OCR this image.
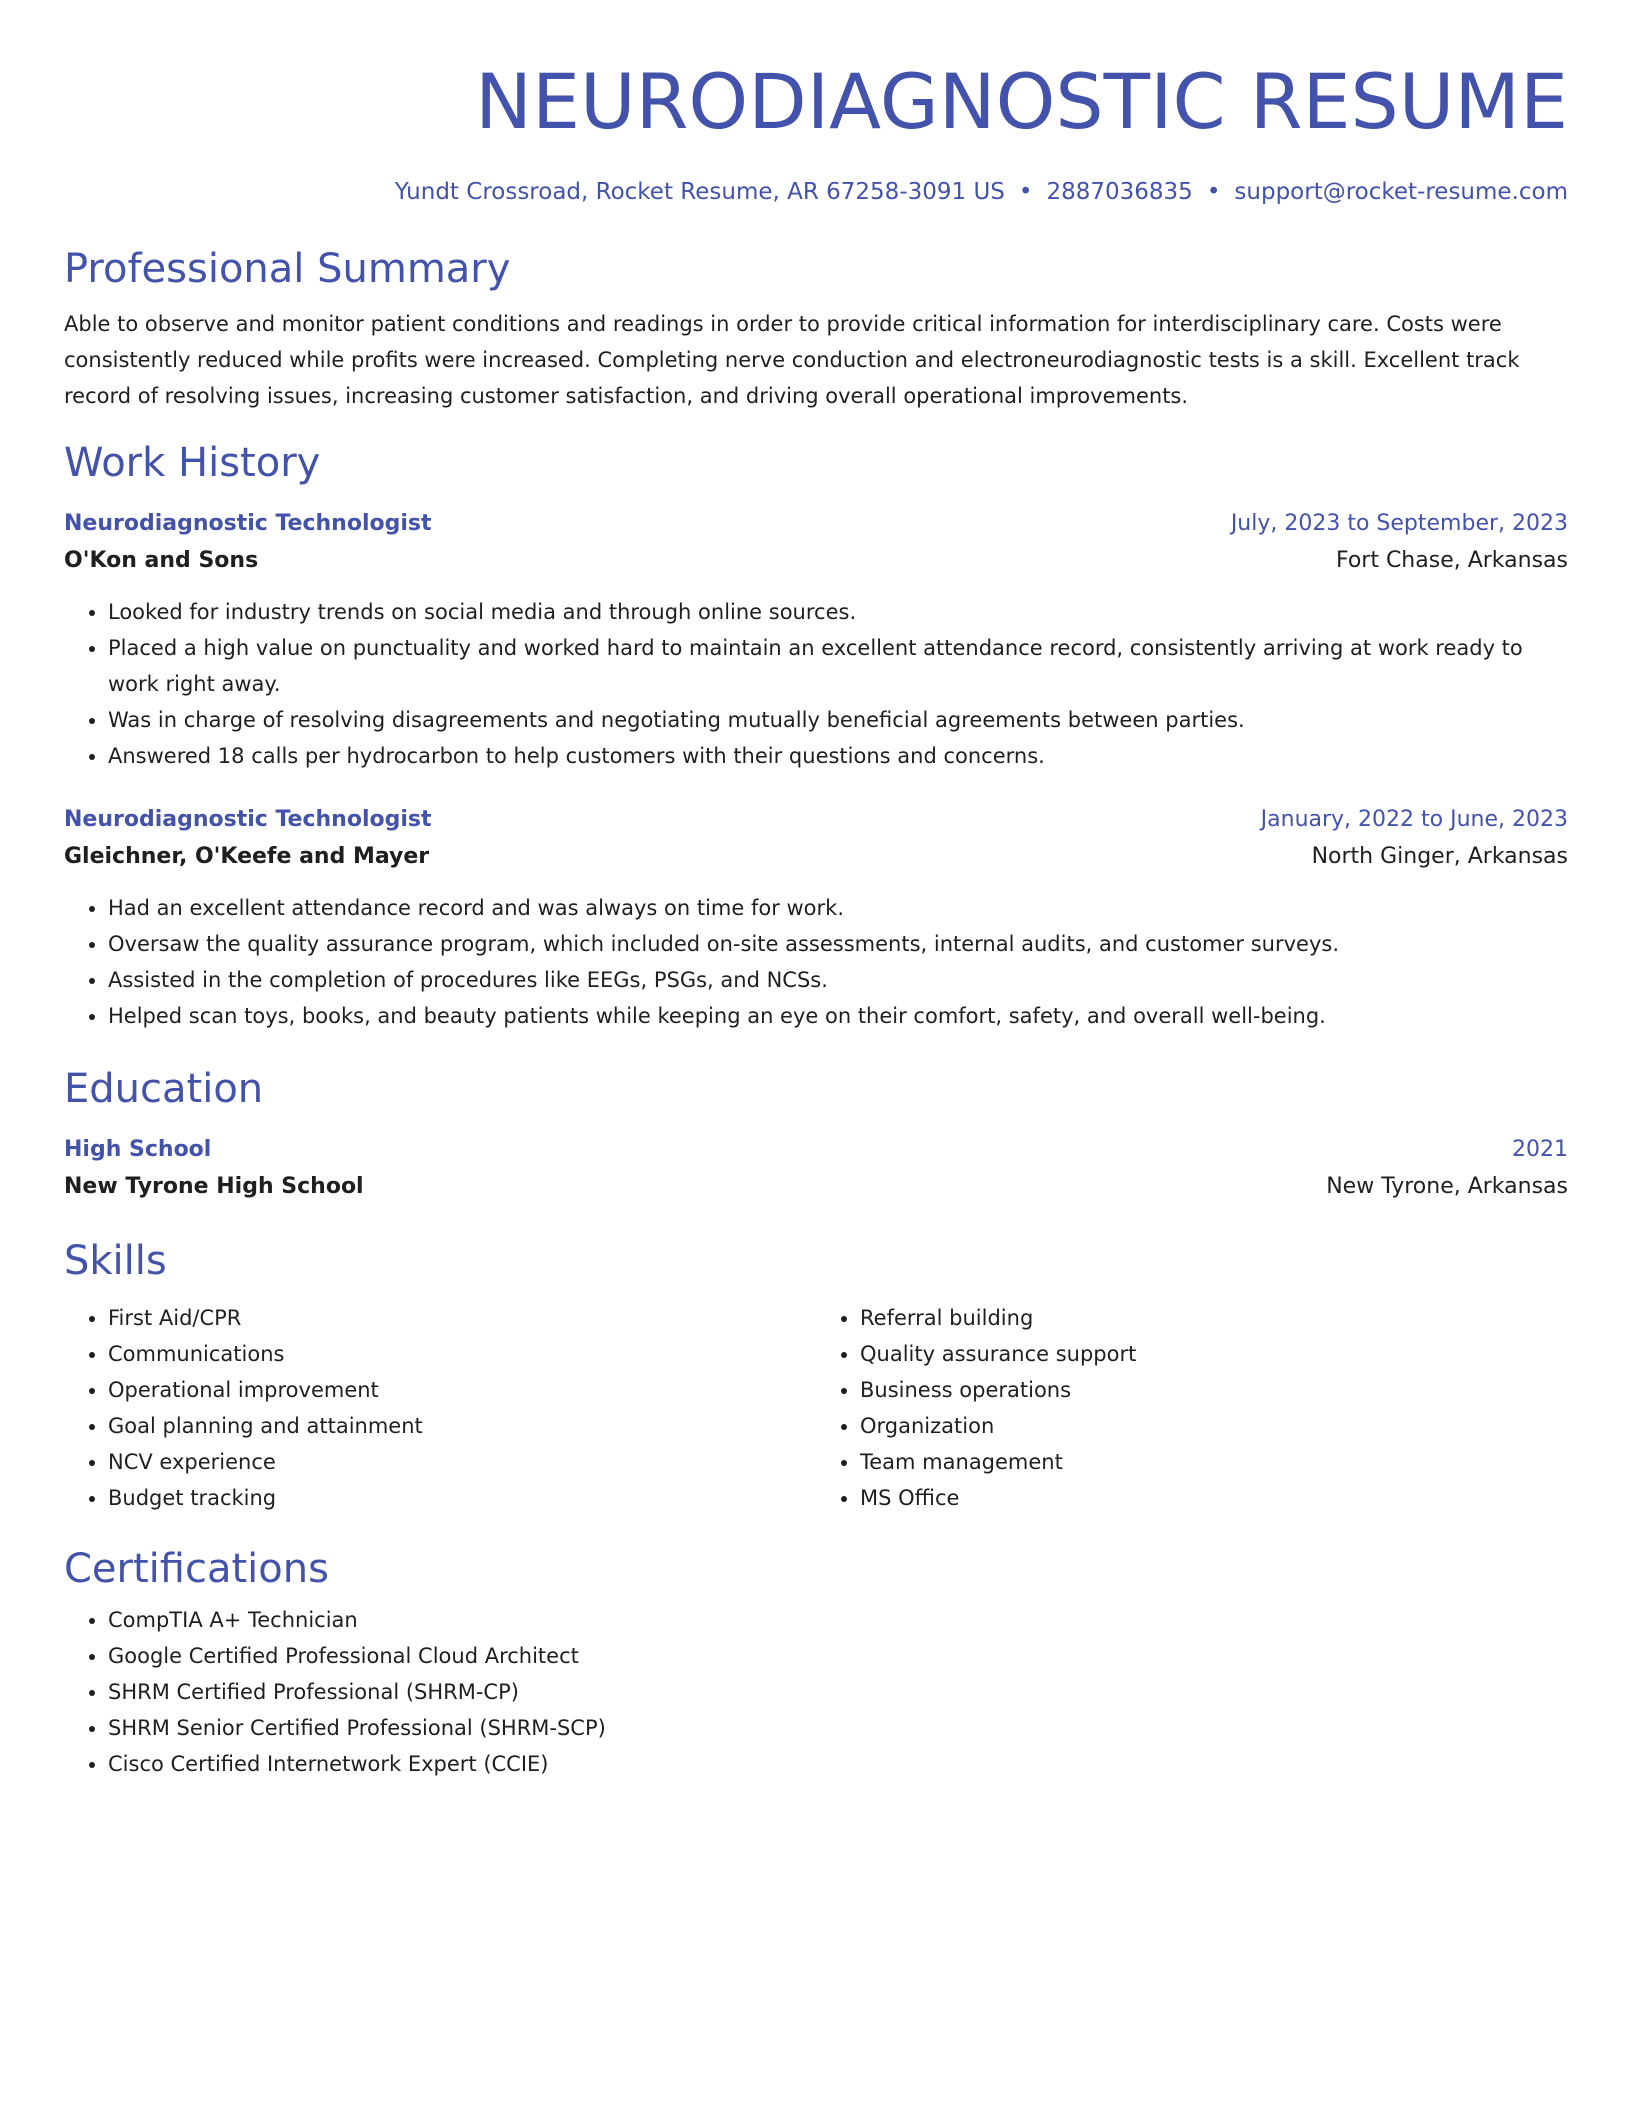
NEURODIAGNOSTIC RESUME
Yundt Crossroad, Rocket Resume, AR 67258-3091 US • 2887036835 • support@rocket-resume.com
Professional Summary

Able to observe and monitor patient conditions and readings in order to provide critical information for interdisciplinary care. Costs were consistently reduced while profits were increased. Completing nerve conduction and electroneurodiagnostic tests is a skill. Excellent track record of resolving issues, increasing customer satisfaction, and driving overall operational improvements.

Work History
Neurodiagnostic Technologist	July, 2023 to September, 2023
O'Kon and Sons	Fort Chase, Arkansas
• Looked for industry trends on social media and through online sources.
• Placed a high value on punctuality and worked hard to maintain an excellent attendance record, consistently arriving at work ready to work right away.
• Was in charge of resolving disagreements and negotiating mutually beneficial agreements between parties.
• Answered 18 calls per hydrocarbon to help customers with their questions and concerns.
Neurodiagnostic Technologist	January, 2022 to June, 2023
Gleichner, O'Keefe and Mayer	North Ginger, Arkansas
• Had an excellent attendance record and was always on time for work.
• Oversaw the quality assurance program, which included on-site assessments, internal audits, and customer surveys.
• Assisted in the completion of procedures like EEGs, PSGs, and NCSs.
• Helped scan toys, books, and beauty patients while keeping an eye on their comfort, safety, and overall well-being.
Education
High School	2021
New Tyrone High School	New Tyrone, Arkansas
Skills
• First Aid/CPR
• Communications
• Operational improvement
• Goal planning and attainment
• NCV experience
• Budget tracking
• Referral building
• Quality assurance support
• Business operations
• Organization
• Team management
• MS Office
Certifications
• CompTIA A+ Technician
• Google Certified Professional Cloud Architect
• SHRM Certified Professional (SHRM-CP)
• SHRM Senior Certified Professional (SHRM-SCP)
• Cisco Certified Internetwork Expert (CCIE)
